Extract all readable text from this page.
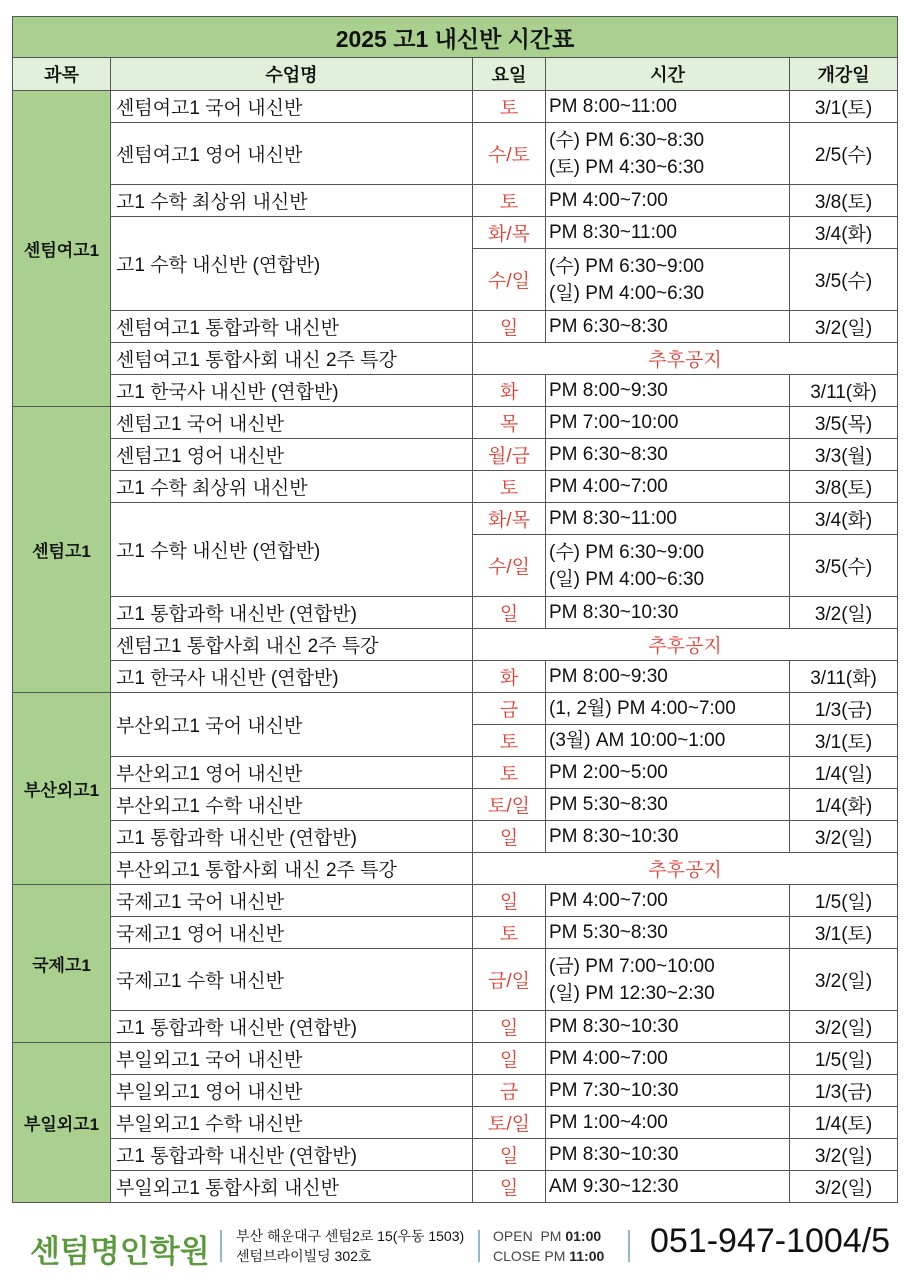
2025 고1 내신반 시간표				
과목	수업명	요일	시간	개강일
센텀여고1	센텀여고1 국어 내신반	토	PM 8:00~11:00	3/1(토)
	센텀여고1 영어 내신반	수/토	(수) PM 6:30~8:30
(토) PM 4:30~6:30	2/5(수)
	고1 수학 최상위 내신반	토	PM 4:00~7:00	3/8(토)
	고1 수학 내신반 (연합반)	화/목	PM 8:30~11:00	3/4(화)
		수/일	(수) PM 6:30~9:00
(일) PM 4:00~6:30	3/5(수)
	센텀여고1 통합과학 내신반	일	PM 6:30~8:30	3/2(일)
	센텀여고1 통합사회 내신 2주 특강	추후공지		
	고1 한국사 내신반 (연합반)	화	PM 8:00~9:30	3/11(화)
센텀고1	센텀고1 국어 내신반	목	PM 7:00~10:00	3/5(목)
	센텀고1 영어 내신반	월/금	PM 6:30~8:30	3/3(월)
	고1 수학 최상위 내신반	토	PM 4:00~7:00	3/8(토)
	고1 수학 내신반 (연합반)	화/목	PM 8:30~11:00	3/4(화)
		수/일	(수) PM 6:30~9:00
(일) PM 4:00~6:30	3/5(수)
	고1 통합과학 내신반 (연합반)	일	PM 8:30~10:30	3/2(일)
	센텀고1 통합사회 내신 2주 특강	추후공지		
	고1 한국사 내신반 (연합반)	화	PM 8:00~9:30	3/11(화)
부산외고1	부산외고1 국어 내신반	금	(1, 2월) PM 4:00~7:00	1/3(금)
		토	(3월) AM 10:00~1:00	3/1(토)
	부산외고1 영어 내신반	토	PM 2:00~5:00	1/4(일)
	부산외고1 수학 내신반	토/일	PM 5:30~8:30	1/4(화)
	고1 통합과학 내신반 (연합반)	일	PM 8:30~10:30	3/2(일)
	부산외고1 통합사회 내신 2주 특강	추후공지		
국제고1	국제고1 국어 내신반	일	PM 4:00~7:00	1/5(일)
	국제고1 영어 내신반	토	PM 5:30~8:30	3/1(토)
	국제고1 수학 내신반	금/일	(금) PM 7:00~10:00
(일) PM 12:30~2:30	3/2(일)
	고1 통합과학 내신반 (연합반)	일	PM 8:30~10:30	3/2(일)
부일외고1	부일외고1 국어 내신반	일	PM 4:00~7:00	1/5(일)
	부일외고1 영어 내신반	금	PM 7:30~10:30	1/3(금)
	부일외고1 수학 내신반	토/일	PM 1:00~4:00	1/4(토)
	고1 통합과학 내신반 (연합반)	일	PM 8:30~10:30	3/2(일)
	부일외고1 통합사회 내신반	일	AM 9:30~12:30	3/2(일)
센텀명인학원 부산 해운대구 센텀2로 15(우동 1503)
센텀브라이빌딩 302호
OPEN  PM 01:00
CLOSE PM 11:00 051-947-1004/5
